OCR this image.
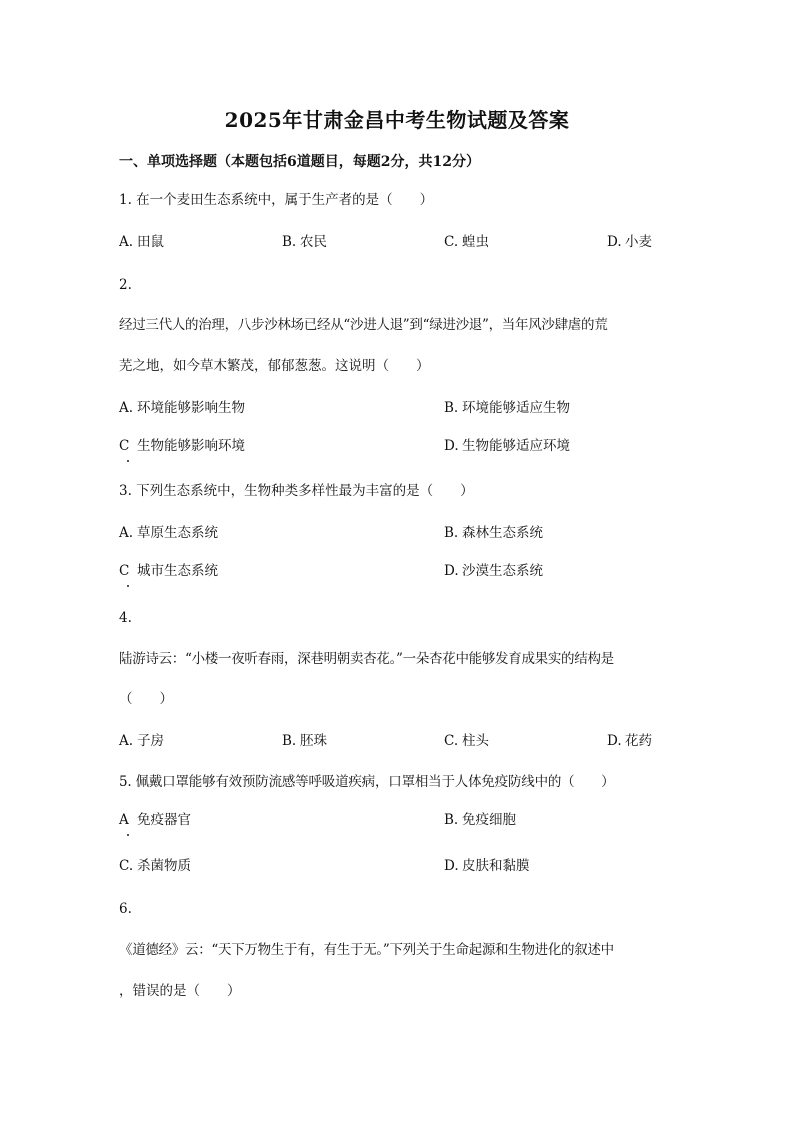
2025年甘肃金昌中考生物试题及答案
一、单项选择题（本题包括6道题目，每题2分，共12分）
1. 在一个麦田生态系统中，属于生产者的是（　　）
A. 田鼠	B. 农民	C. 蝗虫	D. 小麦
2.
经过三代人的治理，八步沙林场已经从“沙进人退”到“绿进沙退”，当年风沙肆虐的荒
芜之地，如今草木繁茂，郁郁葱葱。这说明（　　）
A. 环境能够影响生物	B. 环境能够适应生物
C 生物能够影响环境	D. 生物能够适应环境
3. 下列生态系统中，生物种类多样性最为丰富的是（　　）
A. 草原生态系统	B. 森林生态系统
C 城市生态系统	D. 沙漠生态系统
4.
陆游诗云：“小楼一夜听春雨，深巷明朝卖杏花。”一朵杏花中能够发育成果实的结构是
（　　）
A. 子房	B. 胚珠	C. 柱头	D. 花药
5. 佩戴口罩能够有效预防流感等呼吸道疾病，口罩相当于人体免疫防线中的（　　）
A 免疫器官	B. 免疫细胞
C. 杀菌物质	D. 皮肤和黏膜
6.
《道德经》云：“天下万物生于有，有生于无。”下列关于生命起源和生物进化的叙述中
，错误的是（　　）
